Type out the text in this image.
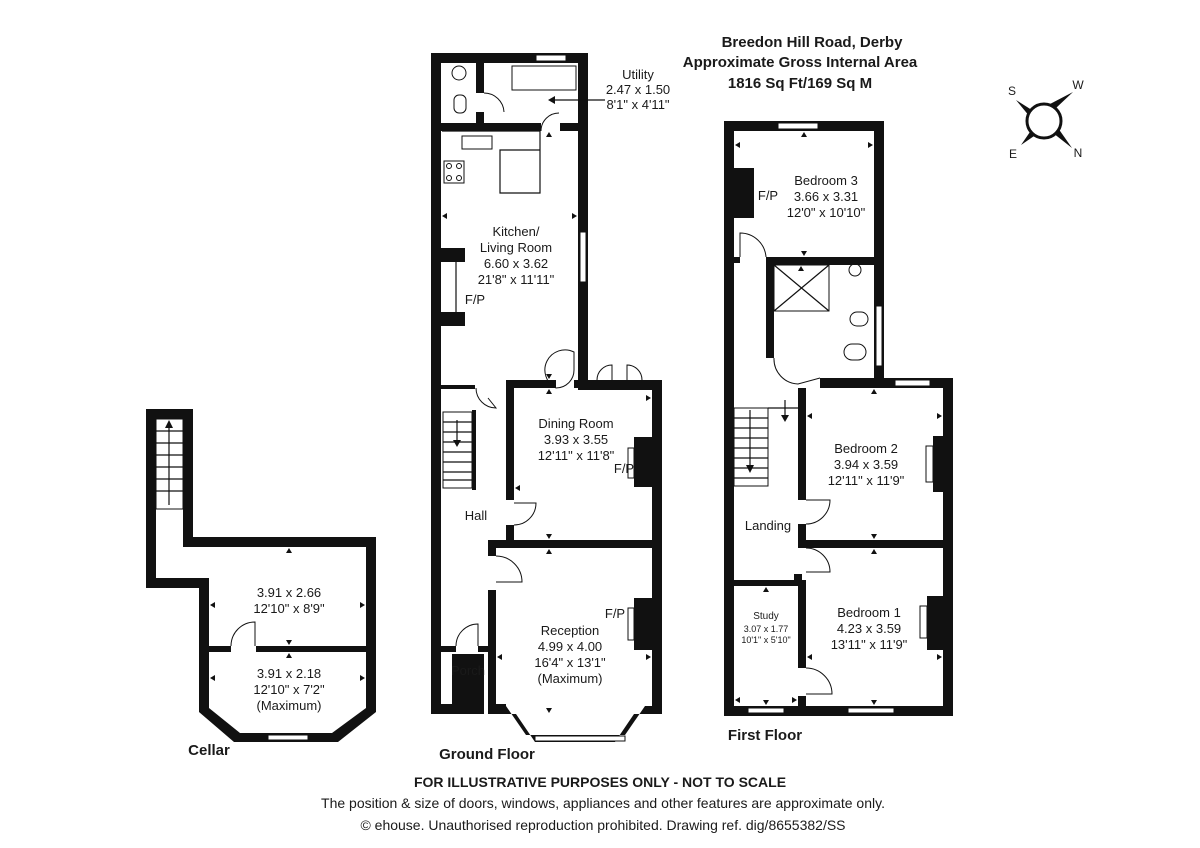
Breedon Hill Road, Derby
Approximate Gross Internal Area
1816 Sq Ft/169 Sq M	S	W
E	N
3.91 x 2.66
12'10" x 8'9"
3.91 x 2.18
12'10" x 7'2"
(Maximum)
Cellar
Utility
2.47 x 1.50
8'1" x 4'11"
Kitchen/
Living Room
6.60 x 3.62
21'8" x 11'11"
F/P
Dining Room
3.93 x 3.55
12'11" x 11'8"
F/P
Hall
Reception
4.99 x 4.00
16'4" x 13'1"
(Maximum)
F/P
Porch
Ground Floor
Bedroom 3
3.66 x 3.31
12'0" x 10'10"
F/P
Bedroom 2
3.94 x 3.59
12'11" x 11'9"
Landing
Study
3.07 x 1.77
10'1" x 5'10"
Bedroom 1
4.23 x 3.59
13'11" x 11'9"
First Floor
FOR ILLUSTRATIVE PURPOSES ONLY - NOT TO SCALE
The position & size of doors, windows, appliances and other features are approximate only.
© ehouse. Unauthorised reproduction prohibited. Drawing ref. dig/8655382/SS
